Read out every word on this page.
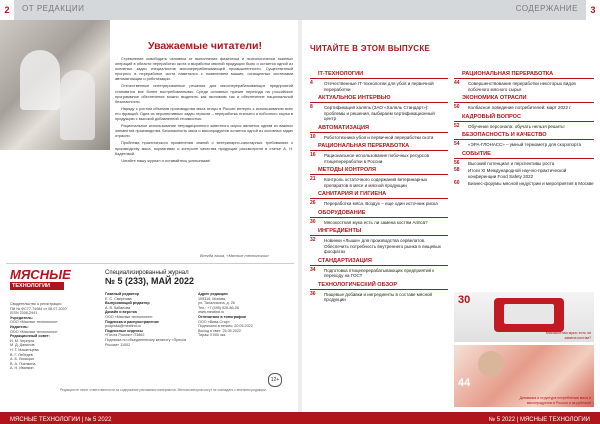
2	ОТ РЕДАКЦИИ	СОДЕРЖАНИЕ	3
Уважаемые читатели!

Стремление освободить человека от выполнения физически и психологически тяжелых операций в области переработки скота и выработки мясной продукции было и остается одной из основных задач специалистов мясоперерабатывающей промышленности. Существенный прогресс в переработке скота наметился с появлением машин, оснащенных системами автоматизации и роботизации.

Отечественные интегрированные решения для мясоперерабатывающих предприятий становятся все более востребованными. Среди основных причин перехода на российское программное обеспечение можно выделить как экономию так и обеспечение национальной безопасности.

Наряду с ростом объемов производства мяса птицы в России интерес к использованию всех его фракций. Одна из перспективных задач отрасли – переработка птичьего и побочного сырья в продукцию с высокой добавленной стоимостью.

Рациональное использование нетрадиционного животного сырья является одним из важных элементов производства. Безопасность мяса и мясопродуктов остается одной из основных задач отрасли.

Проблема практического применения знаний о ветеринарно-санитарных требованиях к производству мяса, нормативах и контроле качества продукции рассмотрена в статье А. Н. Кадетовой.

Читайте нашу журнал и оставайтесь успешными!

Всегда ваша, «Мясные технологии»
МЯСНЫЕ
ТЕХНОЛОГИИ
Специализированный журнал
№ 5 (233), МАЙ 2022
Свидетельство о регистрации
ПИ № ФС77-74084 от 08.07.2020
ISSN 2308-2941
Учредитель:
ООО «Мясные технологии»
Издатель:
ООО «Мясные технологии»
Редакционный совет:
И. М. Чернуха
М. Д. Данилов
Н. Г. Машенцева
В. Г. Лебедев
А. Б. Лисицын
В. А. Пчелкина
А. Н. Иванкин
Главный редактор
Е. С. Смирнова
Выпускающий редактор
А. В. Кабанова
Дизайн и верстка
ООО «Мясные технологии»
Подписка и распространение
podpiska@meatind.ru
Подписные индексы
«Почта России» П3862
Подписка по объединенному каталогу «Пресса России» 11002
Адрес редакции
109316, Москва,
ул. Талалихина, д. 26
Тел.: +7 (495) 926-86-06
www.meatind.ru
Отпечатано в типографии
ООО «Вива-Стар»
Подписано в печать: 20.05.2022
Выход в свет: 25.05.2022
Тираж 3 000 экз.
12+
Редакция не несет ответственности за содержание рекламных материалов. Мнения авторов могут не совпадать с мнением редакции.
ЧИТАЙТЕ В ЭТОМ ВЫПУСКЕ
IT-ТЕХНОЛОГИИ
4	Отечественные IT-технологии для убоя и первичной переработки
АКТУАЛЬНОЕ ИНТЕРВЬЮ
8	Сертификация халяль (ЗАО «Халяль Стандарт»): проблемы и решения, выбираем сертификационный центр
АВТОМАТИЗАЦИЯ
10	Робототехника убоя и первичной переработки скота
РАЦИОНАЛЬНАЯ ПЕРЕРАБОТКА
16	Рациональное использование побочных ресурсов птицепереработки в России
МЕТОДЫ КОНТРОЛЯ
21	Контроль остаточного содержания ветеринарных препаратов в мясе и мясной продукции
САНИТАРИЯ И ГИГИЕНА
26	Переработка мяса. Воздух – еще один источник риска
ОБОРУДОВАНИЕ
30	Мясокостная мука есть ли замена костям Аппса?
ИНГРЕДИЕНТЫ
32	Новинки «Лыши» для производства сервелатов. Обеспечить потребность внутреннего рынка в пищевых фосфатах
СТАНДАРТИЗАЦИЯ
34	Подготовка птицеперерабатывающих предприятий к переходу на ГОСТ
ТЕХНОЛОГИЧЕСКИЙ ОБЗОР
36	Пищевые добавки и ингредиенты в составе мясной продукции
РАЦИОНАЛЬНАЯ ПЕРЕРАБОТКА
44	Совершенствование переработки некоторых видов побочного мясного сырья
ЭКОНОМИКА ОТРАСЛИ
50	Колбасное поведение потребителей: март 2022 г.
КАДРОВЫЙ ВОПРОС
52	Обучение персонала: обучать нельзя решить!
БЕЗОПАСНОСТЬ И КАЧЕСТВО
54	«ЭРА-ГЛОНАСС» – умный термометр для скоропорта
СОБЫТИЕ
56	Высокий потенциал и перспективы роста
58	Итоги XI Международной научно-практической конференции Food Safety 2022
60	Бизнес-форумы мясной индустрии и мероприятия в Москве
30
Мясокостная мука: есть ли замена костям?
44
Динамика и структура потребления мяса и мясопродуктов в России и за рубежом
МЯСНЫЕ ТЕХНОЛОГИИ | № 5 2022	№ 5 2022 | МЯСНЫЕ ТЕХНОЛОГИИ
